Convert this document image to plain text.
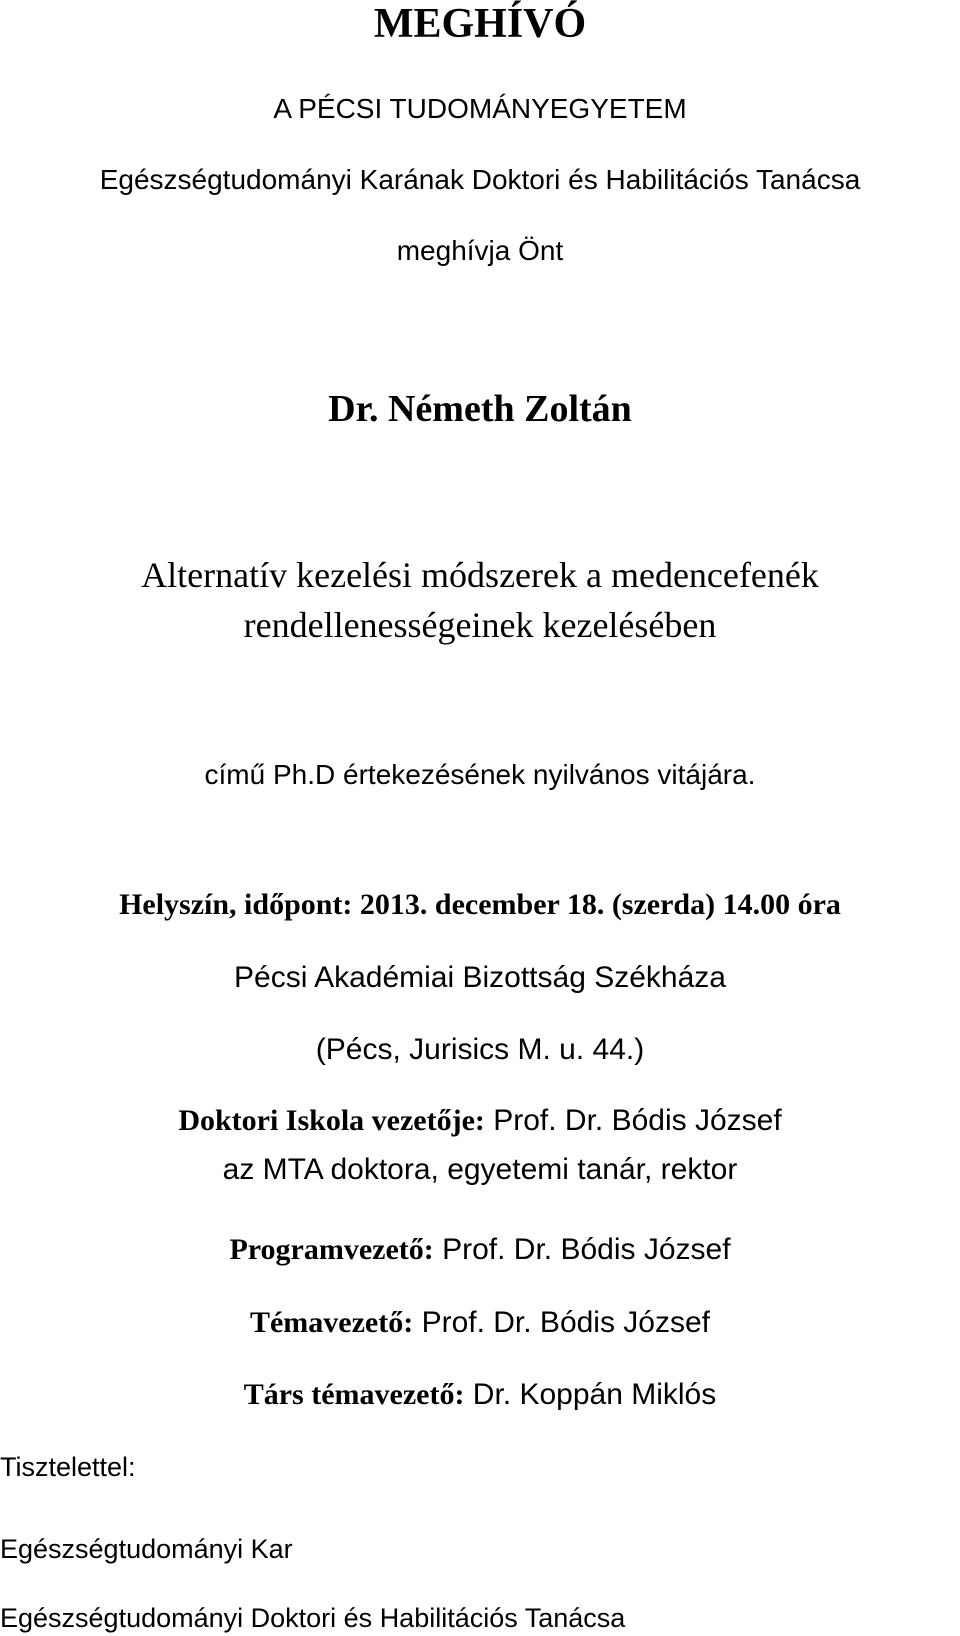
MEGHÍVÓ
A PÉCSI TUDOMÁNYEGYETEM
Egészségtudományi Karának Doktori és Habilitációs Tanácsa
meghívja Önt
Dr. Németh Zoltán
Alternatív kezelési módszerek a medencefenék
rendellenességeinek kezelésében
című Ph.D értekezésének nyilvános vitájára.
Helyszín, időpont: 2013. december 18. (szerda) 14.00 óra
Pécsi Akadémiai Bizottság Székháza
(Pécs, Jurisics M. u. 44.)
Doktori Iskola vezetője: Prof. Dr. Bódis József
az MTA doktora, egyetemi tanár, rektor
Programvezető: Prof. Dr. Bódis József
Témavezető: Prof. Dr. Bódis József
Társ témavezető: Dr. Koppán Miklós
Tisztelettel:
Egészségtudományi Kar
Egészségtudományi Doktori és Habilitációs Tanácsa
